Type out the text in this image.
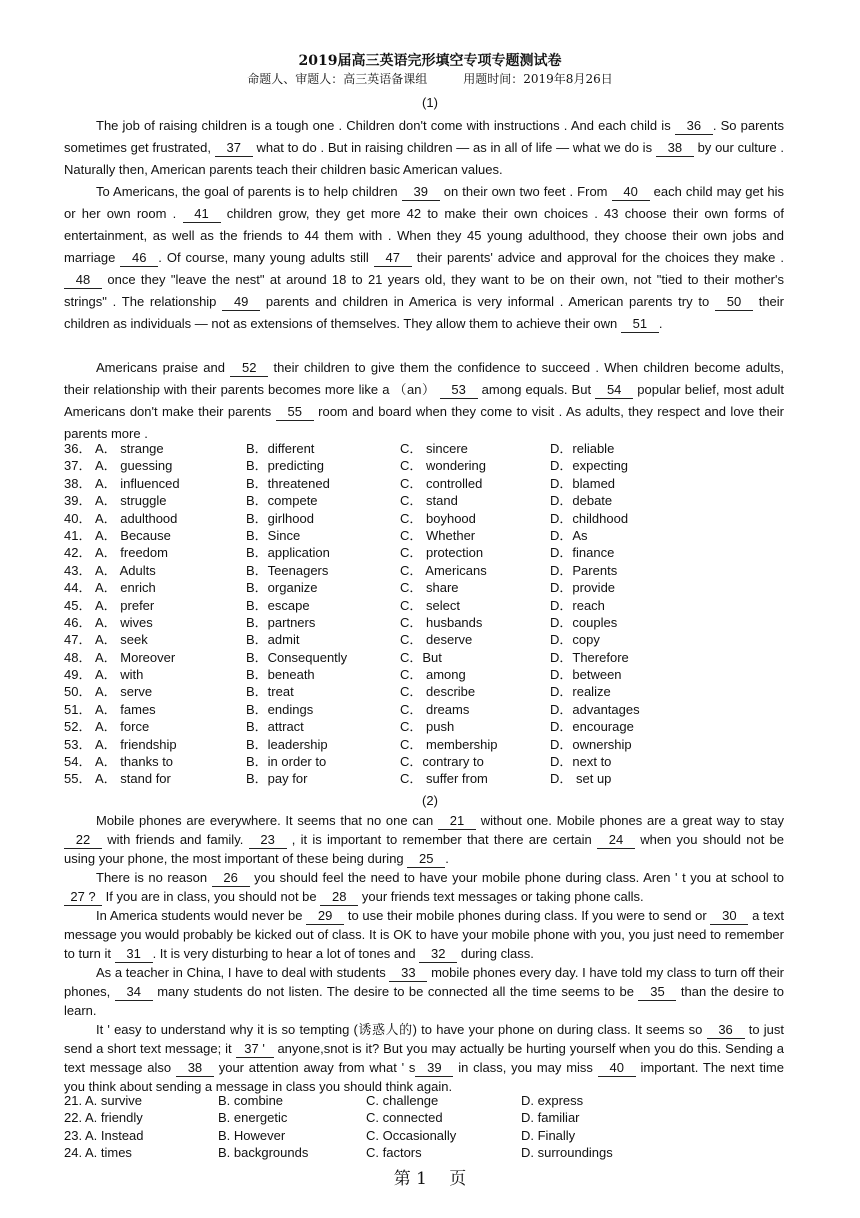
2019届高三英语完形填空专项专题测试卷
命题人、审题人：高三英语备课组　　　用题时间：2019年8月26日
(1)

The job of raising children is a tough one . Children don't come with instructions . And each child is 36 . So parents sometimes get frustrated, 37 what to do . But in raising children — as in all of life — what we do is 38 by our culture . Naturally then, American parents teach their children basic American values.

To Americans, the goal of parents is to help children 39 on their own two feet . From 40 each child may get his or her own room . 41 children grow, they get more 42 to make their own choices . 43 choose their own forms of entertainment, as well as the friends to 44 them with . When they 45 young adulthood, they choose their own jobs and marriage 46 . Of course, many young adults still 47 their parents' advice and approval for the choices they make . 48 once they "leave the nest" at around 18 to 21 years old, they want to be on their own, not "tied to their mother's strings" . The relationship 49 parents and children in America is very informal . American parents try to 50 their children as individuals — not as extensions of themselves. They allow them to achieve their own 51 .

Americans praise and 52 their children to give them the confidence to succeed . When children become adults, their relationship with their parents becomes more like a （an） 53 among equals. But 54 popular belief, most adult Americans don't make their parents 55 room and board when they come to visit . As adults, they respect and love their parents more .

36． A． strange	B．different	C． sincere	D．reliable
37． A． guessing	B．predicting	C． wondering	D．expecting
38． A． influenced	B．threatened	C． controlled	D．blamed
39． A． struggle	B．compete	C． stand	D．debate
40． A． adulthood	B．girlhood	C． boyhood	D．childhood
41． A． Because	B．Since	C． Whether	D．As
42． A． freedom	B．application	C． protection	D．finance
43． A． Adults	B．Teenagers	C． Americans	D．Parents
44． A． enrich	B．organize	C． share	D．provide
45． A． prefer	B．escape	C． select	D．reach
46． A． wives	B．partners	C． husbands	D．couples
47． A． seek	B．admit	C． deserve	D．copy
48． A． Moreover	B．Consequently	C．But	D．Therefore
49． A． with	B．beneath	C． among	D．between
50． A． serve	B．treat	C． describe	D．realize
51． A． fames	B．endings	C． dreams	D．advantages
52． A． force	B．attract	C． push	D．encourage
53． A． friendship	B．leadership	C． membership	D．ownership
54． A． thanks to	B．in order to	C．contrary to	D．next to
55． A． stand for	B．pay for	C． suffer from	D． set up
(2)

Mobile phones are everywhere. It seems that no one can 21 without one. Mobile phones are a great way to stay 22 with friends and family. 23 , it is important to remember that there are certain 24 when you should not be using your phone, the most important of these being during 25 .

There is no reason 26 you should feel the need to have your mobile phone during class. Aren ' t you at school to 27 ? If you are in class, you should not be 28 your friends text messages or taking phone calls.

In America students would never be 29 to use their mobile phones during class. If you were to send or 30 a text message you would probably be kicked out of class. It is OK to have your mobile phone with you, you just need to remember to turn it 31 . It is very disturbing to hear a lot of tones and 32 during class.

As a teacher in China, I have to deal with students 33 mobile phones every day. I have told my class to turn off their phones, 34 many students do not listen. The desire to be connected all the time seems to be 35 than the desire to learn.

It ' easy to understand why it is so tempting (诱惑人的) to have your phone on during class. It seems so 36 to just send a short text message; it 37 ' anyone,snot is it? But you may actually be hurting yourself when you do this. Sending a text message also 38 your attention away from what ' s 39 in class, you may miss 40 important. The next time you think about sending a message in class you should think again.

21. A. survive	B. combine	C. challenge	D. express
22. A. friendly	B. energetic	C. connected	D. familiar
23. A. Instead	B. However	C. Occasionally	D. Finally
24. A. times	B. backgrounds	C. factors	D. surroundings
第 1　 页
